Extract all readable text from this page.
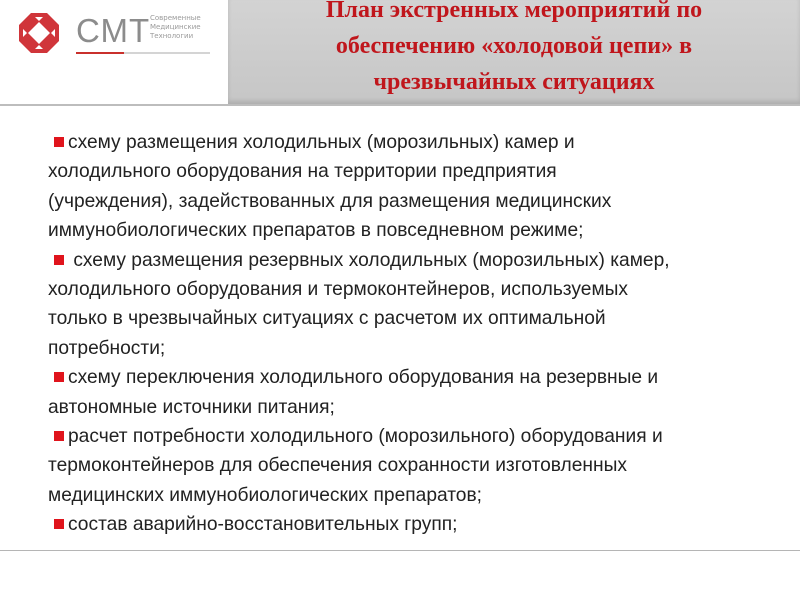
СМТ Современные
Медицинские
Технологии
План экстренных мероприятий по
обеспечению «холодовой цепи» в
чрезвычайных ситуациях
схему размещения холодильных (морозильных) камер и
холодильного оборудования на территории предприятия
(учреждения), задействованных для размещения медицинских
иммунобиологических препаратов в повседневном режиме;
схему размещения резервных холодильных (морозильных) камер,
холодильного оборудования и термоконтейнеров, используемых
только в чрезвычайных ситуациях с расчетом их оптимальной
потребности;
схему переключения холодильного оборудования на резервные и
автономные источники питания;
расчет потребности холодильного (морозильного) оборудования и
термоконтейнеров для обеспечения сохранности изготовленных
медицинских иммунобиологических препаратов;
состав аварийно-восстановительных групп;
